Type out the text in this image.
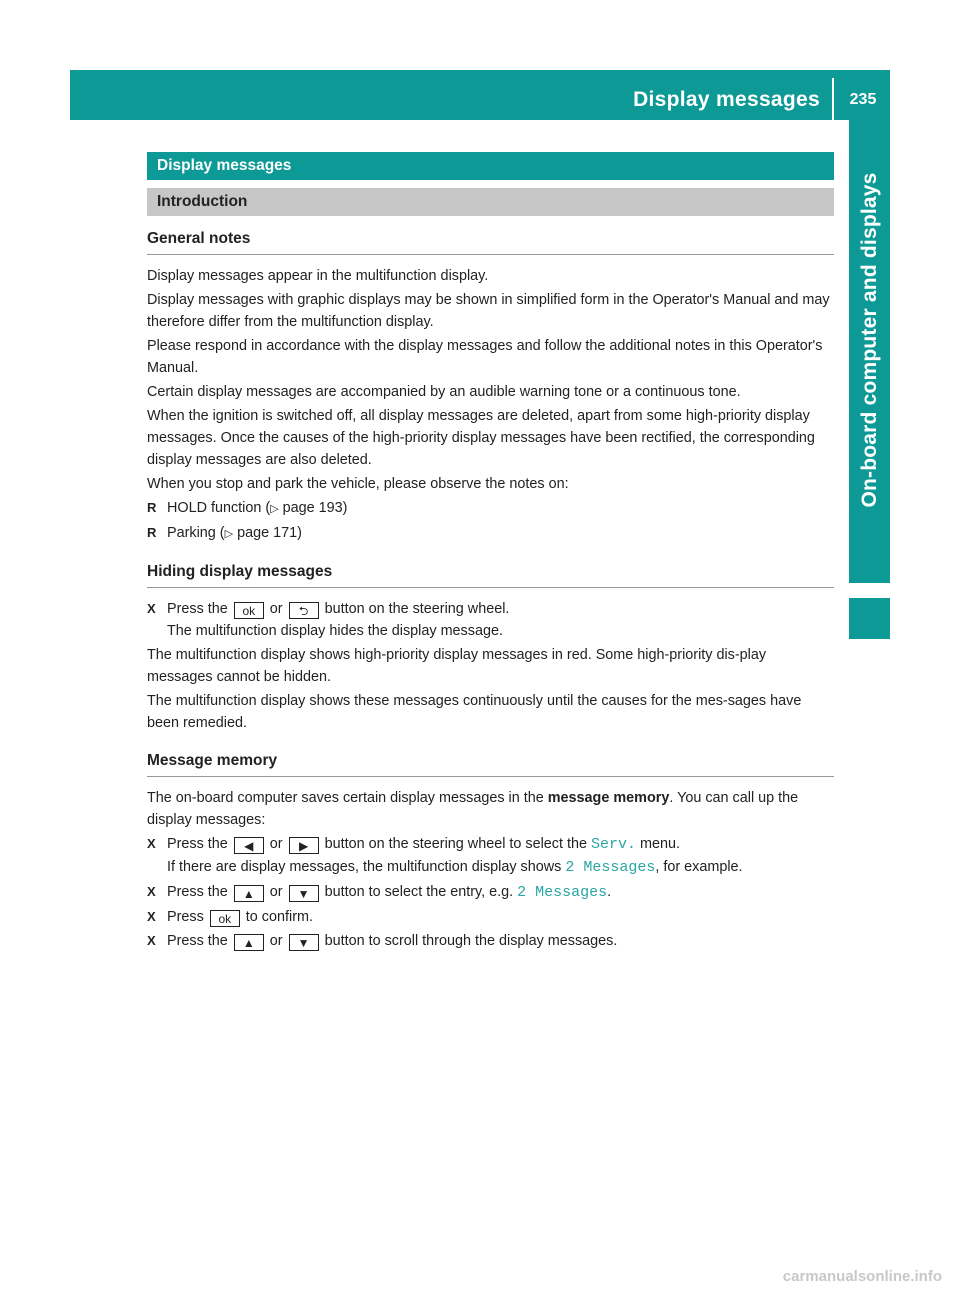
Display messages	235
On-board computer and displays
Display messages
Introduction
General notes

Display messages appear in the multifunction display.

Display messages with graphic displays may be shown in simplified form in the Operator's Manual and may therefore differ from the multifunction display.

Please respond in accordance with the display messages and follow the additional notes in this Operator's Manual.

Certain display messages are accompanied by an audible warning tone or a continuous tone.

When the ignition is switched off, all display messages are deleted, apart from some high-priority display messages. Once the causes of the high-priority display messages have been rectified, the corresponding display messages are also deleted.

When you stop and park the vehicle, please observe the notes on:

R HOLD function (▷ page 193)
R Parking (▷ page 171)
Hiding display messages
X Press the ok or ⮌ button on the steering wheel.
The multifunction display hides the display message.

The multifunction display shows high-priority display messages in red. Some high-priority dis-play messages cannot be hidden.

The multifunction display shows these messages continuously until the causes for the mes-sages have been remedied.

Message memory

The on-board computer saves certain display messages in the message memory. You can call up the display messages:

X Press the ◀ or ▶ button on the steering wheel to select the Serv. menu.
If there are display messages, the multifunction display shows 2 Messages, for example.
X Press the ▲ or ▼ button to select the entry, e.g. 2 Messages.
X Press ok to confirm.
X Press the ▲ or ▼ button to scroll through the display messages.
carmanualsonline.info
